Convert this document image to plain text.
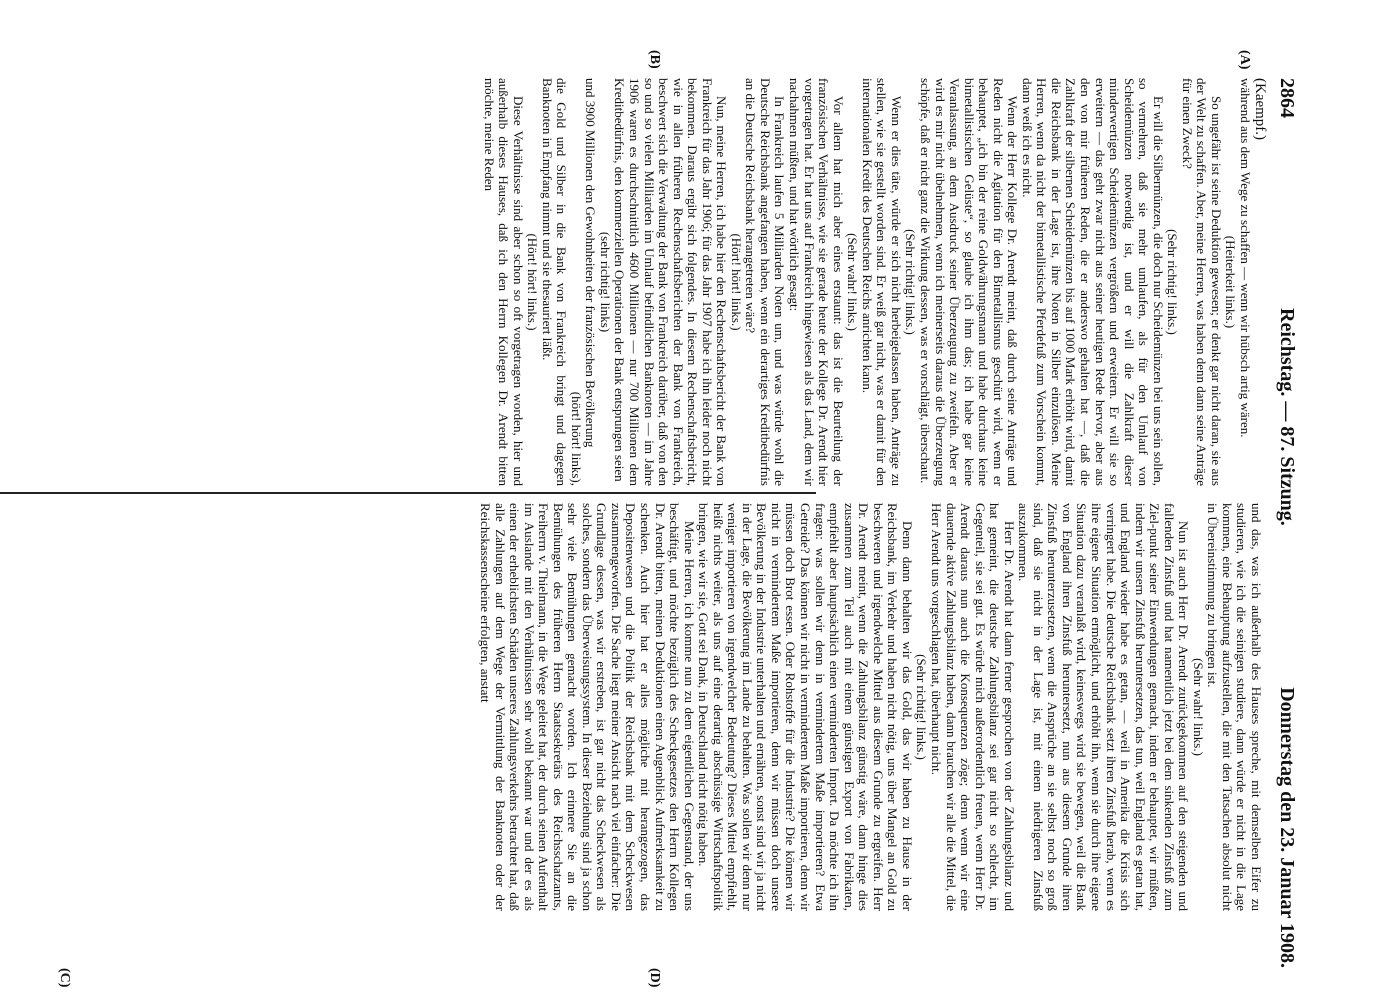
2864
Reichstag. — 87. Sitzung.
Donnerstag den 23. Januar 1908.
(Kaempf.)
(A)
(B)
(C)	(D)

während aus dem Wege zu schaffen — wenn wir hübsch artig wären.

(Heiterkeit links.)

So ungefähr ist seine Deduktion gewesen; er denkt gar nicht daran, sie aus der Welt zu schaffen. Aber, meine Herren, was haben denn dann seine Anträge für einen Zweck?

(Sehr richtig! links.)

Er will die Silbermünzen, die doch nur Scheidemünzen bei uns sein sollen, so vermehren, daß sie mehr umlaufen, als für den Umlauf von Scheidemünzen notwendig ist, und er will die Zahlkraft dieser minderwertigen Scheidemünzen vergrößern und erweitern. Er will sie so erweitern — das geht zwar nicht aus seiner heutigen Rede hervor, aber aus den von mir früheren Reden, die er anderswo gehalten hat —, daß die Zahlkraft der silbernen Scheidemünzen bis auf 1000 Mark erhöht wird, damit die Reichsbank in der Lage ist, ihre Noten in Silber einzulösen. Meine Herren, wenn da nicht der bimetallistische Pferdefuß zum Vorschein kommt, dann weiß ich es nicht.

Wenn der Herr Kollege Dr. Arendt meint, daß durch seine Anträge und Reden nicht die Agitation für den Bimetallismus geschürt wird, wenn er behauptet, „ich bin der reine Goldwährungsmann und habe durchaus keine bimetallistischen Gelüste“, so glaube ich ihm das; ich habe gar keine Veranlassung, an dem Ausdruck seiner Überzeugung zu zweifeln. Aber er wird es mir nicht übelnehmen, wenn ich meinerseits daraus die Überzeugung schöpfe, daß er nicht ganz die Wirkung dessen, was er vorschlägt, überschaut.

(Sehr richtig! links.)

Wenn er dies täte, würde er sich nicht herbeigelassen haben, Anträge zu stellen, wie sie gestellt worden sind. Er weiß gar nicht, was er damit für den internationalen Kredit des Deutschen Reichs anrichten kann.

(Sehr wahr! links.)

Vor allem hat mich aber eines erstaunt: das ist die Beurteilung der französischen Verhältnisse, wie sie gerade heute der Kollege Dr. Arendt hier vorgetragen hat. Er hat uns auf Frankreich hingewiesen als das Land, dem wir nachahmen müßten, und hat wörtlich gesagt:

In Frankreich laufen 5 Milliarden Noten um, und was würde wohl die Deutsche Reichsbank angefangen haben, wenn ein derartiges Kreditbedürfnis an die Deutsche Reichsbank herangetreten wäre?

(Hört! hört! links.)

Nun, meine Herren, ich habe hier den Rechenschaftsbericht der Bank von Frankreich für das Jahr 1906; für das Jahr 1907 habe ich ihn leider noch nicht bekommen. Daraus ergibt sich folgendes. In diesem Rechenschaftsbericht, wie in allen früheren Rechenschaftsberichten der Bank von Frankreich, beschwert sich die Verwaltung der Bank von Frankreich darüber, daß von den so und so vielen Milliarden im Umlauf befindlichen Banknoten — im Jahre 1906 waren es durchschnittlich 4600 Millionen — nur 700 Millionen dem Kreditbedürfnis, den kommerziellen Operationen der Bank entsprungen seien

(sehr richtig! links)

und 3900 Millionen den Gewohnheiten der französischen Bevölkerung

(hört! hört! links),

die Gold und Silber in die Bank von Frankreich bringt und dagegen Banknoten in Empfang nimmt und sie thesauriert läßt.

(Hört! hört! links.)

Diese Verhältnisse sind aber schon so oft vorgetragen worden, hier und außerhalb dieses Hauses, daß ich den Herrn Kollegen Dr. Arendt bitten möchte, meine Reden

und das, was ich außerhalb des Hauses spreche, mit demselben Eifer zu studieren, wie ich die seinigen studiere, dann würde er nicht in die Lage kommen, eine Behauptung aufzustellen, die mit den Tatsachen absolut nicht in Übereinstimmung zu bringen ist.

(Sehr wahr! links.)

Nun ist auch Herr Dr. Arendt zurückgekommen auf den steigenden und fallenden Zinsfuß und hat namentlich jetzt bei dem sinkenden Zinsfuß zum Ziel-punkt seiner Einwendungen gemacht, indem er behauptet, wir müßten, indem wir unsern Zinsfuß heruntersetzen, das tun, weil England es getan hat, und England wieder habe es getan, — weil in Amerika die Krisis sich verringert habe. Die deutsche Reichsbank setzt ihren Zinsfuß herab, wenn es ihre eigene Situation ermöglicht, und erhöht ihn, wenn sie durch ihre eigene Situation dazu veranlaßt wird, keineswegs wird sie bewegen, weil die Bank von England ihren Zinsfuß heruntersetzt, nun aus diesem Grunde ihren Zinsfuß herunterzusetzen, wenn die Ansprüche an sie selbst noch so groß sind, daß sie nicht in der Lage ist, mit einem niedrigeren Zinsfuß auszukommen.

Herr Dr. Arendt hat dann ferner gesprochen von der Zahlungsbilanz und hat gemeint, die deutsche Zahlungsbilanz sei gar nicht so schlecht, im Gegenteil, sie sei gut. Es würde mich außerordentlich freuen, wenn Herr Dr. Arendt daraus nun auch die Konsequenzen zöge; denn wenn wir eine dauernde aktive Zahlungsbilanz haben, dann brauchen wir alle die Mittel, die Herr Arendt uns vorgeschlagen hat, überhaupt nicht.

(Sehr richtig! links.)

Denn dann behalten wir das Gold, das wir haben zu Hause in der Reichsbank, im Verkehr und haben nicht nötig, uns über Mangel an Gold zu beschweren und irgendwelche Mittel aus diesem Grunde zu ergreifen. Herr Dr. Arendt meint, wenn die Zahlungsbilanz günstig wäre, dann hinge dies zusammen zum Teil auch mit einem günstigen Export von Fabrikaten, empfiehlt aber hauptsächlich einen verminderten Import. Da möchte ich ihn fragen: was sollen wir denn in vermindertem Maße importieren? Etwa Getreide? Das können wir nicht in vermindertem Maße importieren, denn wir müssen doch Brot essen. Oder Rohstoffe für die Industrie? Die können wir nicht in vermindertem Maße importieren, denn wir müssen doch unsere Bevölkerung in der Industrie unterhalten und ernähren, sonst sind wir ja nicht in der Lage, die Bevölkerung im Lande zu behalten. Was sollen wir denn nur weniger importieren von irgendwelcher Bedeutung? Dieses Mittel empfiehlt, heißt nichts weiter, als uns auf eine derartig abschüssige Wirtschaftspolitik bringen, wie wir sie, Gott sei Dank, in Deutschland nicht nötig haben.

Meine Herren, ich komme nun zu dem eigentlichen Gegenstand, der uns beschäftigt, und möchte bezüglich des Scheckgesetzes den Herrn Kollegen Dr. Arendt bitten, meinen Deduktionen einen Augenblick Aufmerksamkeit zu schenken. Auch hier hat er alles mögliche mit herangezogen, das Depositenwesen und die Politik der Reichsbank mit dem Scheckwesen zusammengeworfen. Die Sache liegt meiner Ansicht nach viel einfacher: Die Grundlage dessen, was wir erstreben, ist gar nicht das Scheckwesen als solches, sondern das Überweisungssystem. In dieser Beziehung sind ja schon sehr viele Bemühungen gemacht worden. Ich erinnere Sie an die Bemühungen des früheren Herrn Staatssekretärs des Reichsschatzamts, Freiherrn v. Thielmann, in die Wege geleitet hat, der durch seinen Aufenthalt im Auslande mit den Verhältnissen sehr wohl bekannt war und der es als einen der erheblichsten Schäden unseres Zahlungsverkehrs betrachtet hat, daß alle Zahlungen auf dem Wege der Vermittlung der Banknoten oder der Reichskassenscheine erfolgten, anstatt
